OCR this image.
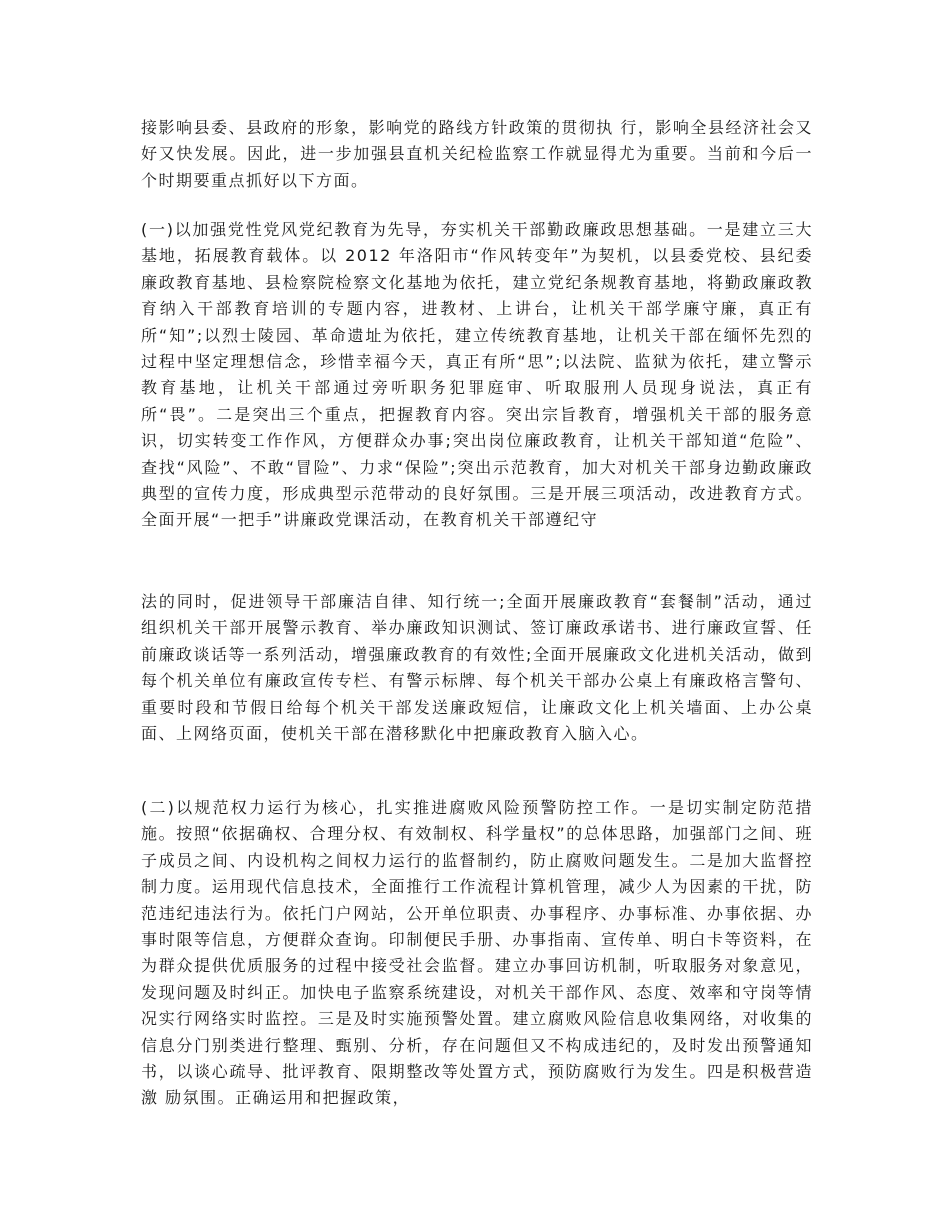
接影响县委、县政府的形象，影响党的路线方针政策的贯彻执 行，影响全县经济社会又好又快发展。因此，进一步加强县直机关纪检监察工作就显得尤为重要。当前和今后一个时期要重点抓好以下方面。

(一)以加强党性党风党纪教育为先导，夯实机关干部勤政廉政思想基础。一是建立三大基地，拓展教育载体。以 2012 年洛阳市“作风转变年”为契机，以县委党校、县纪委廉政教育基地、县检察院检察文化基地为依托，建立党纪条规教育基地，将勤政廉政教育纳入干部教育培训的专题内容，进教材、上讲台，让机关干部学廉守廉，真正有所“知”;以烈士陵园、革命遗址为依托，建立传统教育基地，让机关干部在缅怀先烈的过程中坚定理想信念，珍惜幸福今天，真正有所“思”;以法院、监狱为依托，建立警示教育基地，让机关干部通过旁听职务犯罪庭审、听取服刑人员现身说法，真正有所“畏”。二是突出三个重点，把握教育内容。突出宗旨教育，增强机关干部的服务意识，切实转变工作作风，方便群众办事;突出岗位廉政教育，让机关干部知道“危险”、查找“风险”、不敢“冒险”、力求“保险”;突出示范教育，加大对机关干部身边勤政廉政典型的宣传力度，形成典型示范带动的良好氛围。三是开展三项活动，改进教育方式。全面开展“一把手”讲廉政党课活动，在教育机关干部遵纪守

法的同时，促进领导干部廉洁自律、知行统一;全面开展廉政教育“套餐制”活动，通过组织机关干部开展警示教育、举办廉政知识测试、签订廉政承诺书、进行廉政宣誓、任前廉政谈话等一系列活动，增强廉政教育的有效性;全面开展廉政文化进机关活动，做到每个机关单位有廉政宣传专栏、有警示标牌、每个机关干部办公桌上有廉政格言警句、重要时段和节假日给每个机关干部发送廉政短信，让廉政文化上机关墙面、上办公桌面、上网络页面，使机关干部在潜移默化中把廉政教育入脑入心。

(二)以规范权力运行为核心，扎实推进腐败风险预警防控工作。一是切实制定防范措施。按照“依据确权、合理分权、有效制权、科学量权”的总体思路，加强部门之间、班子成员之间、内设机构之间权力运行的监督制约，防止腐败问题发生。二是加大监督控制力度。运用现代信息技术，全面推行工作流程计算机管理，减少人为因素的干扰，防范违纪违法行为。依托门户网站，公开单位职责、办事程序、办事标准、办事依据、办事时限等信息，方便群众查询。印制便民手册、办事指南、宣传单、明白卡等资料，在为群众提供优质服务的过程中接受社会监督。建立办事回访机制，听取服务对象意见，发现问题及时纠正。加快电子监察系统建设，对机关干部作风、态度、效率和守岗等情况实行网络实时监控。三是及时实施预警处置。建立腐败风险信息收集网络，对收集的信息分门别类进行整理、甄别、分析，存在问题但又不构成违纪的，及时发出预警通知书，以谈心疏导、批评教育、限期整改等处置方式，预防腐败行为发生。四是积极营造激 励氛围。正确运用和把握政策，
